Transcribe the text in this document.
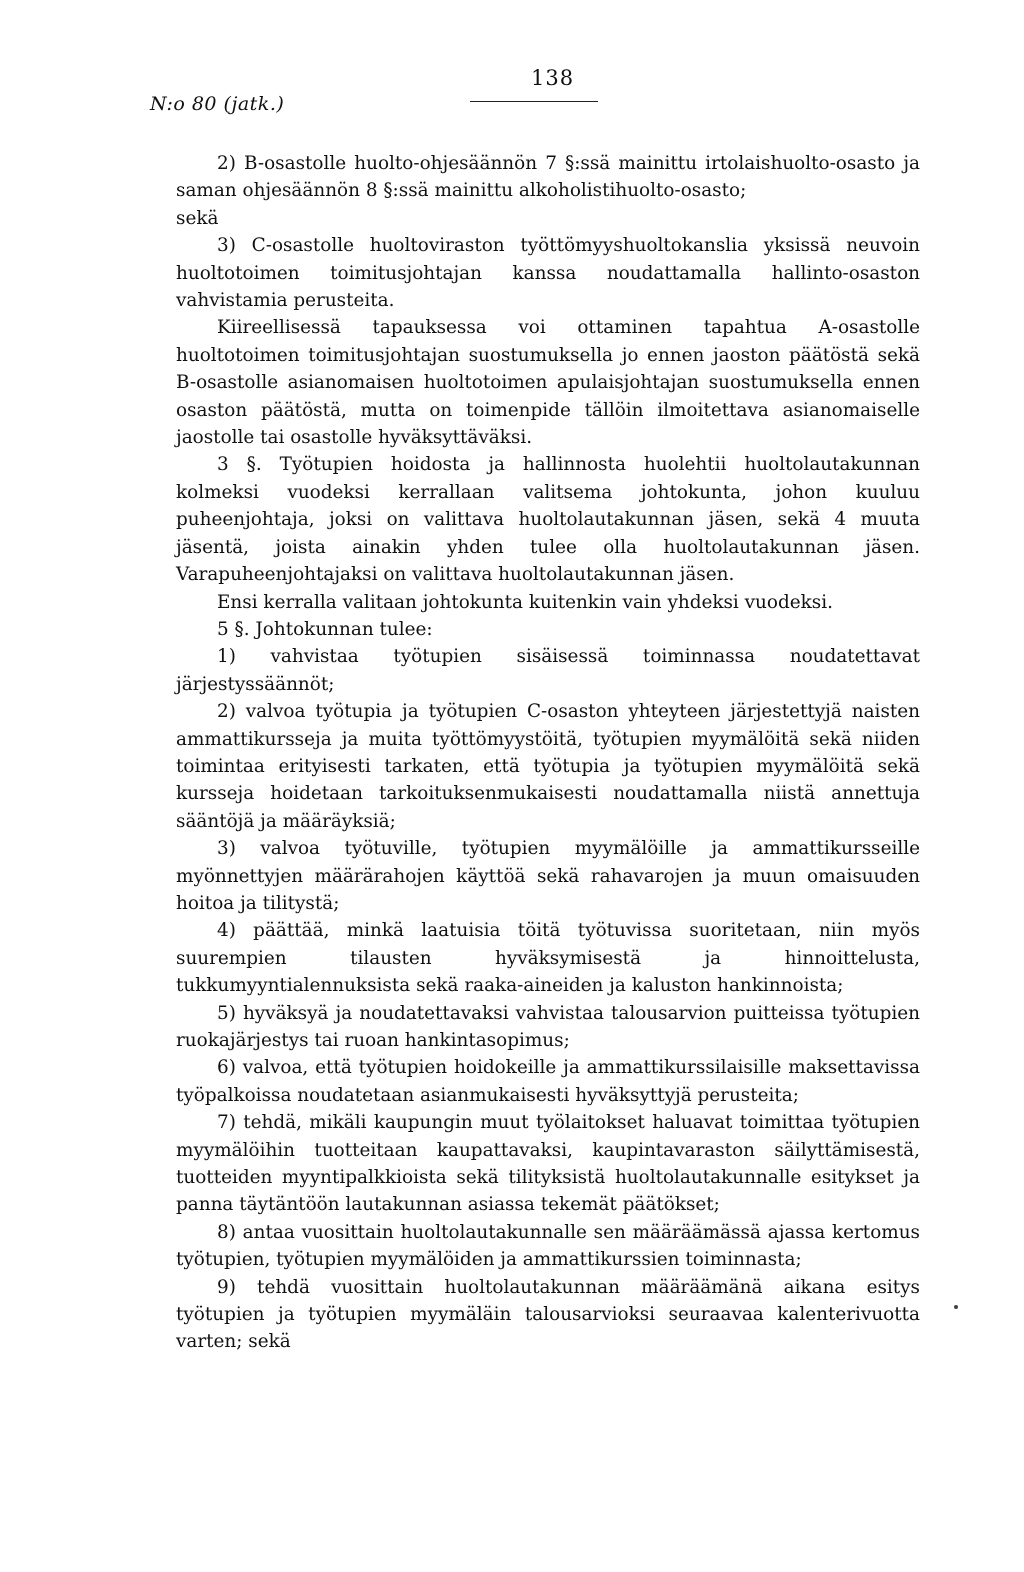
N:o 80 (jatk.)
138

2) B-osastolle huolto-ohjesäännön 7 §:ssä mainittu irtolaishuolto-osasto ja saman ohjesäännön 8 §:ssä mainittu alkoholistihuolto-osasto;

sekä

3) C-osastolle huoltoviraston työttömyyshuoltokanslia yksissä neuvoin huoltotoimen toimitusjohtajan kanssa noudattamalla hallinto-osaston vahvistamia perusteita.

Kiireellisessä tapauksessa voi ottaminen tapahtua A-osastolle huoltotoimen toimitusjohtajan suostumuksella jo ennen jaoston päätöstä sekä B-osastolle asianomaisen huoltotoimen apulaisjohtajan suostumuksella ennen osaston päätöstä, mutta on toimenpide tällöin ilmoitettava asianomaiselle jaostolle tai osastolle hyväksyttäväksi.

3 §. Työtupien hoidosta ja hallinnosta huolehtii huoltolautakunnan kolmeksi vuodeksi kerrallaan valitsema johtokunta, johon kuuluu puheenjohtaja, joksi on valittava huoltolautakunnan jäsen, sekä 4 muuta jäsentä, joista ainakin yhden tulee olla huoltolautakunnan jäsen. Varapuheenjohtajaksi on valittava huoltolautakunnan jäsen.

Ensi kerralla valitaan johtokunta kuitenkin vain yhdeksi vuodeksi.

5 §. Johtokunnan tulee:

1) vahvistaa työtupien sisäisessä toiminnassa noudatettavat järjestyssäännöt;

2) valvoa työtupia ja työtupien C-osaston yhteyteen järjestettyjä naisten ammattikursseja ja muita työttömyystöitä, työtupien myymälöitä sekä niiden toimintaa erityisesti tarkaten, että työtupia ja työtupien myymälöitä sekä kursseja hoidetaan tarkoituksenmukaisesti noudattamalla niistä annettuja sääntöjä ja määräyksiä;

3) valvoa työtuville, työtupien myymälöille ja ammattikursseille myönnettyjen määrärahojen käyttöä sekä rahavarojen ja muun omaisuuden hoitoa ja tilitystä;

4) päättää, minkä laatuisia töitä työtuvissa suoritetaan, niin myös suurempien tilausten hyväksymisestä ja hinnoittelusta, tukkumyyntialennuksista sekä raaka-aineiden ja kaluston hankinnoista;

5) hyväksyä ja noudatettavaksi vahvistaa talousarvion puitteissa työtupien ruokajärjestys tai ruoan hankintasopimus;

6) valvoa, että työtupien hoidokeille ja ammattikurssilaisille maksettavissa työpalkoissa noudatetaan asianmukaisesti hyväksyttyjä perusteita;

7) tehdä, mikäli kaupungin muut työlaitokset haluavat toimittaa työtupien myymälöihin tuotteitaan kaupattavaksi, kaupintavaraston säilyttämisestä, tuotteiden myyntipalkkioista sekä tilityksistä huoltolautakunnalle esitykset ja panna täytäntöön lautakunnan asiassa tekemät päätökset;

8) antaa vuosittain huoltolautakunnalle sen määräämässä ajassa kertomus työtupien, työtupien myymälöiden ja ammattikurssien toiminnasta;

9) tehdä vuosittain huoltolautakunnan määräämänä aikana esitys työtupien ja työtupien myymäläin talousarvioksi seuraavaa kalenterivuotta varten; sekä
